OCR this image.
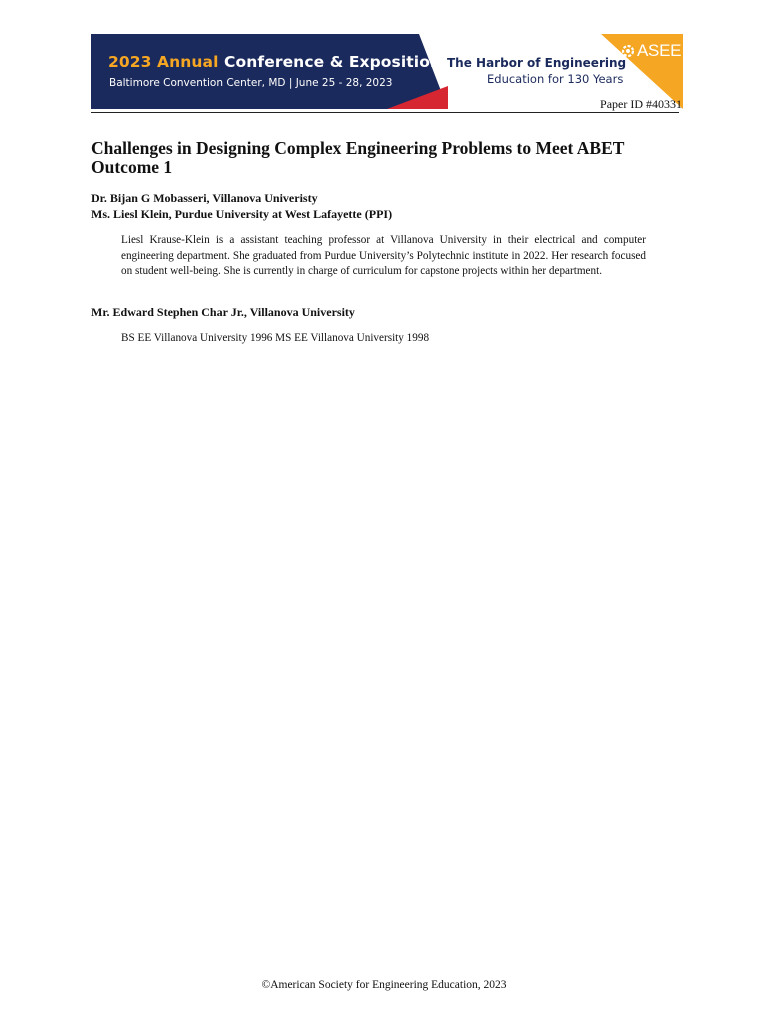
2023 Annual Conference & Exposition
Baltimore Convention Center, MD | June 25 - 28, 2023
The Harbor of Engineering
Education for 130 Years
ASEE
Paper ID #40331
Challenges in Designing Complex Engineering Problems to Meet ABET Outcome 1
Dr. Bijan G Mobasseri, Villanova Univeristy
Ms. Liesl Klein, Purdue University at West Lafayette (PPI)

Liesl Krause-Klein is a assistant teaching professor at Villanova University in their electrical and computer engineering department. She graduated from Purdue University’s Polytechnic institute in 2022. Her research focused on student well-being. She is currently in charge of curriculum for capstone projects within her department.

Mr. Edward Stephen Char Jr., Villanova University

BS EE Villanova University 1996 MS EE Villanova University 1998

©American Society for Engineering Education, 2023
